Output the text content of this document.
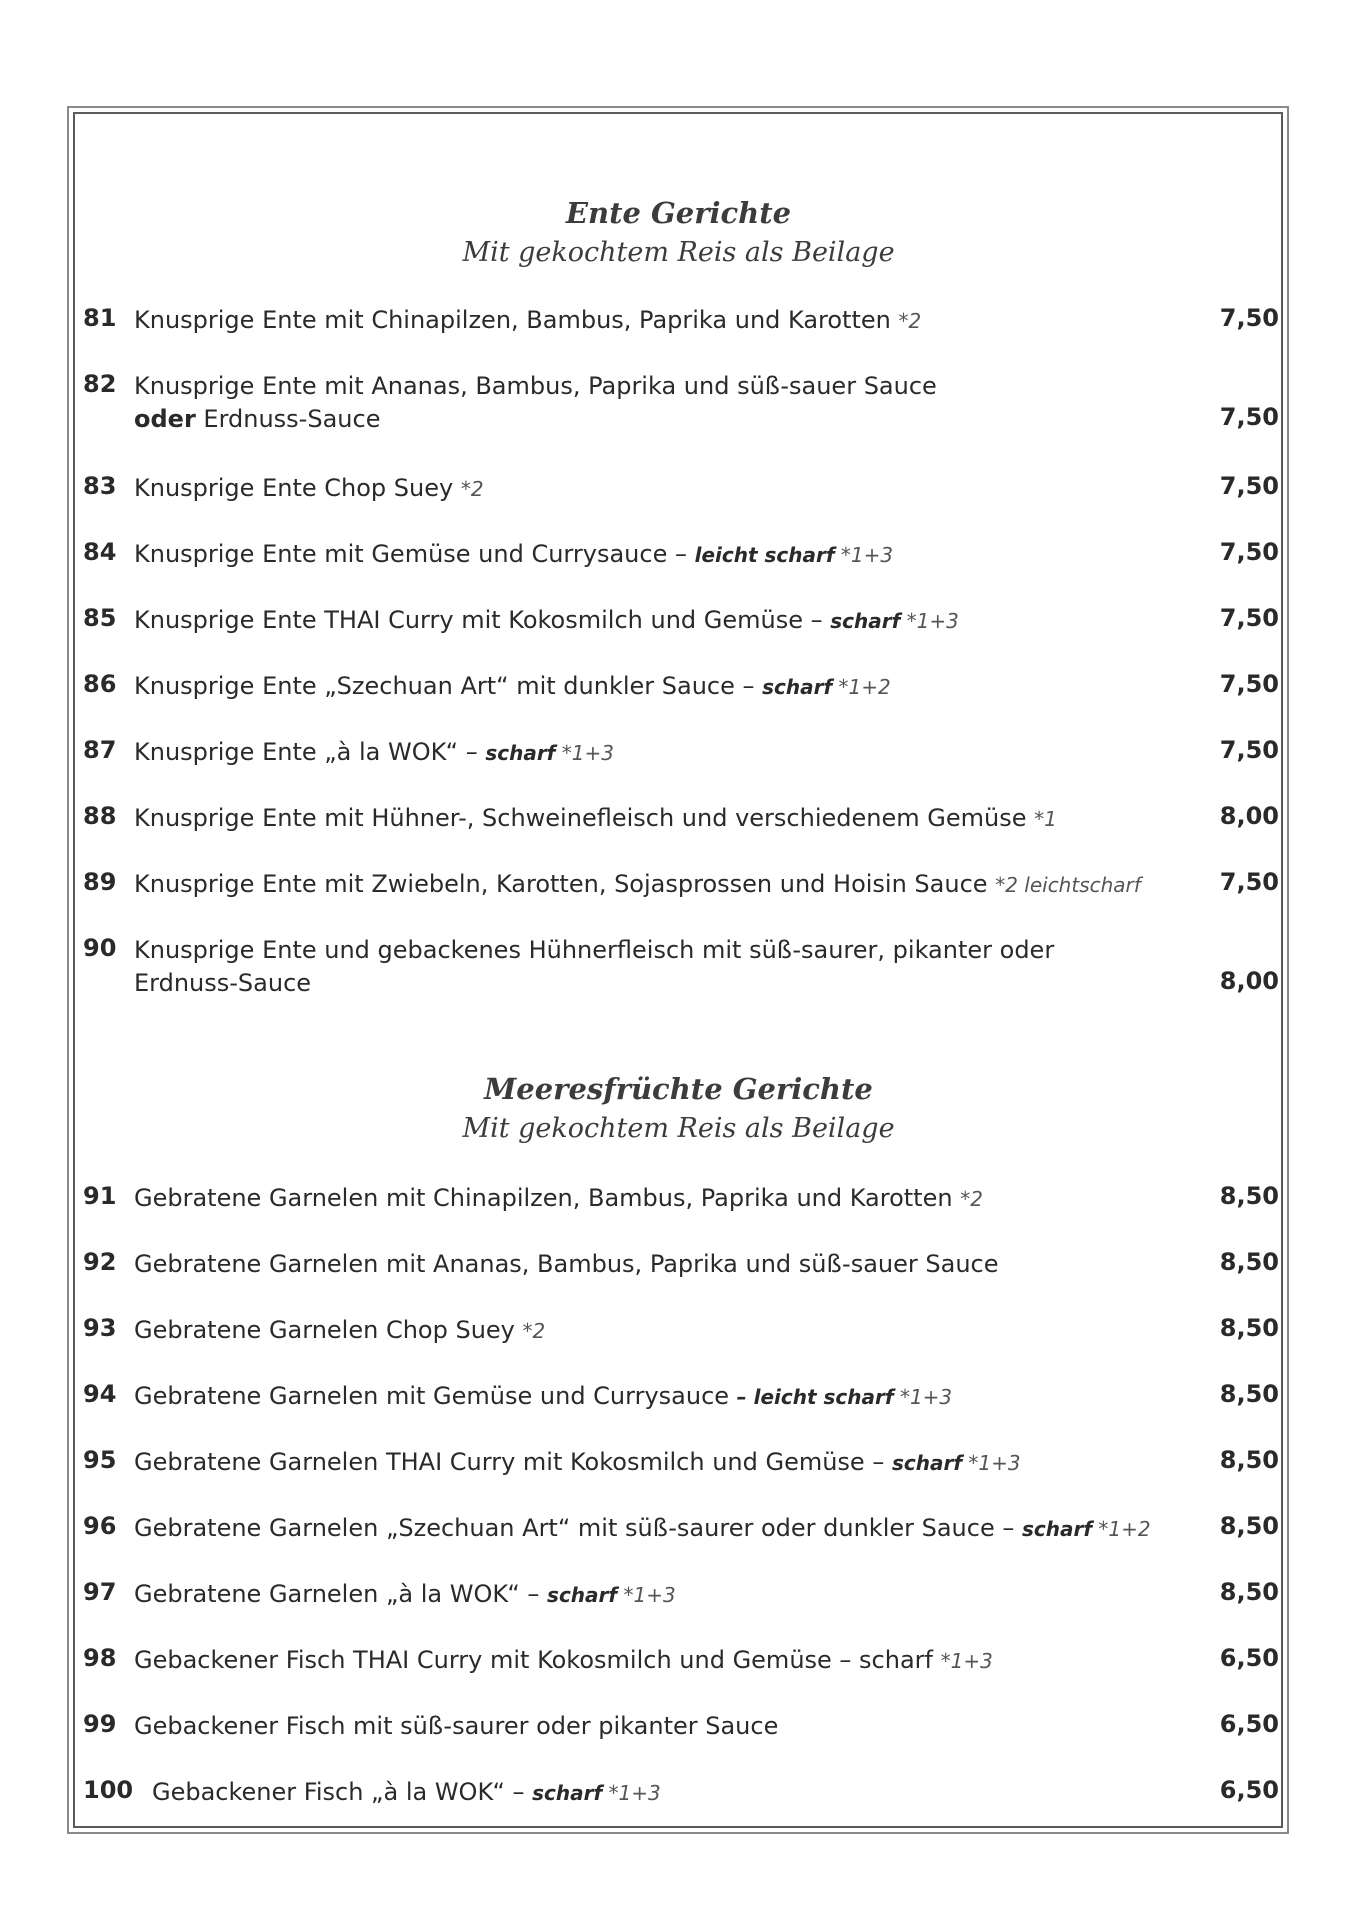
Ente Gerichte
Mit gekochtem Reis als Beilage
81 Knusprige Ente mit Chinapilzen, Bambus, Paprika und Karotten *2	7,50
82 Knusprige Ente mit Ananas, Bambus, Paprika und süß-sauer Sauce
oder Erdnuss-Sauce	7,50
83 Knusprige Ente Chop Suey *2	7,50
84 Knusprige Ente mit Gemüse und Currysauce – leicht scharf *1+3	7,50
85 Knusprige Ente THAI Curry mit Kokosmilch und Gemüse – scharf *1+3	7,50
86 Knusprige Ente „Szechuan Art“ mit dunkler Sauce – scharf *1+2	7,50
87 Knusprige Ente „à la WOK“ – scharf *1+3	7,50
88 Knusprige Ente mit Hühner-, Schweinefleisch und verschiedenem Gemüse *1	8,00
89 Knusprige Ente mit Zwiebeln, Karotten, Sojasprossen und Hoisin Sauce *2 leichtscharf	7,50
90 Knusprige Ente und gebackenes Hühnerfleisch mit süß-saurer, pikanter oder
Erdnuss-Sauce	8,00
Meeresfrüchte Gerichte
Mit gekochtem Reis als Beilage
91 Gebratene Garnelen mit Chinapilzen, Bambus, Paprika und Karotten *2	8,50
92 Gebratene Garnelen mit Ananas, Bambus, Paprika und süß-sauer Sauce	8,50
93 Gebratene Garnelen Chop Suey *2	8,50
94 Gebratene Garnelen mit Gemüse und Currysauce – leicht scharf *1+3	8,50
95 Gebratene Garnelen THAI Curry mit Kokosmilch und Gemüse – scharf *1+3	8,50
96 Gebratene Garnelen „Szechuan Art“ mit süß-saurer oder dunkler Sauce – scharf *1+2	8,50
97 Gebratene Garnelen „à la WOK“ – scharf *1+3	8,50
98 Gebackener Fisch THAI Curry mit Kokosmilch und Gemüse – scharf *1+3	6,50
99 Gebackener Fisch mit süß-saurer oder pikanter Sauce	6,50
100 Gebackener Fisch „à la WOK“ – scharf *1+3	6,50
